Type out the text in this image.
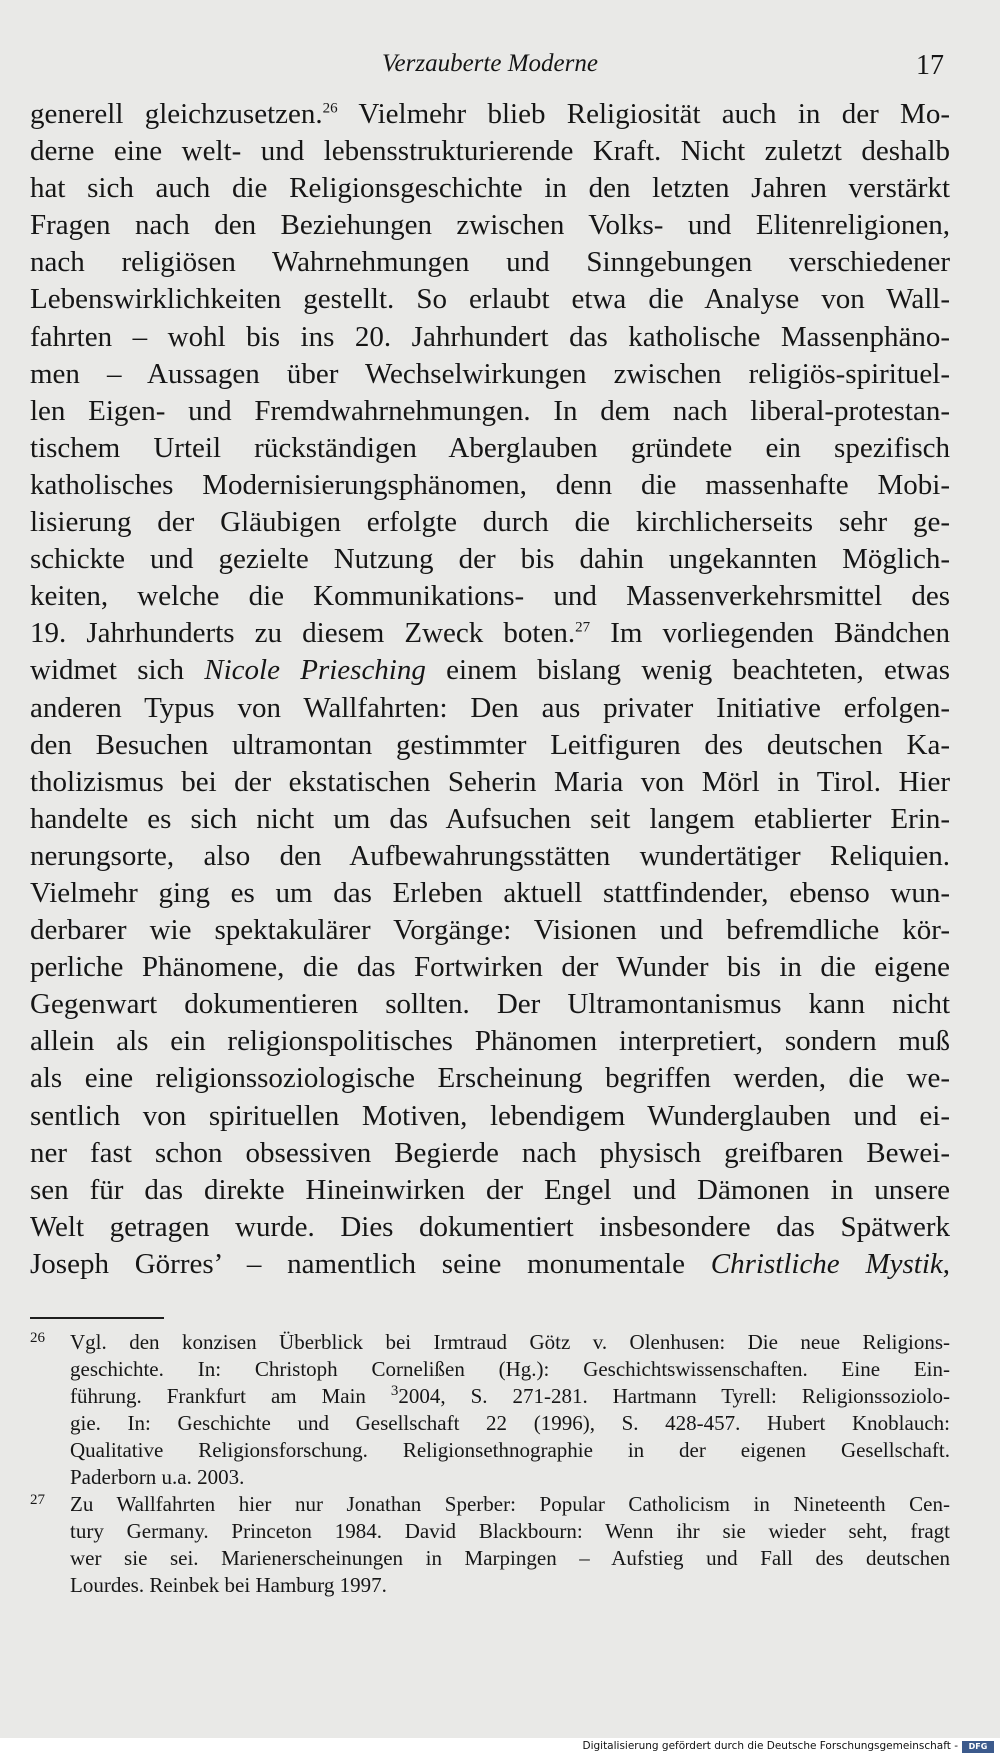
Verzauberte Moderne	17
generell gleichzusetzen.$^{26}$ Vielmehr blieb Religiosität auch in der Mo-
derne eine welt- und lebensstrukturierende Kraft. Nicht zuletzt deshalb
hat sich auch die Religionsgeschichte in den letzten Jahren verstärkt
Fragen nach den Beziehungen zwischen Volks- und Elitenreligionen,
nach religiösen Wahrnehmungen und Sinngebungen verschiedener
Lebenswirklichkeiten gestellt. So erlaubt etwa die Analyse von Wall-
fahrten – wohl bis ins 20. Jahrhundert das katholische Massenphäno-
men – Aussagen über Wechselwirkungen zwischen religiös-spirituel-
len Eigen- und Fremdwahrnehmungen. In dem nach liberal-protestan-
tischem Urteil rückständigen Aberglauben gründete ein spezifisch
katholisches Modernisierungsphänomen, denn die massenhafte Mobi-
lisierung der Gläubigen erfolgte durch die kirchlicherseits sehr ge-
schickte und gezielte Nutzung der bis dahin ungekannten Möglich-
keiten, welche die Kommunikations- und Massenverkehrsmittel des
19. Jahrhunderts zu diesem Zweck boten.$^{27}$ Im vorliegenden Bändchen
widmet sich Nicole Priesching einem bislang wenig beachteten, etwas
anderen Typus von Wallfahrten: Den aus privater Initiative erfolgen-
den Besuchen ultramontan gestimmter Leitfiguren des deutschen Ka-
tholizismus bei der ekstatischen Seherin Maria von Mörl in Tirol. Hier
handelte es sich nicht um das Aufsuchen seit langem etablierter Erin-
nerungsorte, also den Aufbewahrungsstätten wundertätiger Reliquien.
Vielmehr ging es um das Erleben aktuell stattfindender, ebenso wun-
derbarer wie spektakulärer Vorgänge: Visionen und befremdliche kör-
perliche Phänomene, die das Fortwirken der Wunder bis in die eigene
Gegenwart dokumentieren sollten. Der Ultramontanismus kann nicht
allein als ein religionspolitisches Phänomen interpretiert, sondern muß
als eine religionssoziologische Erscheinung begriffen werden, die we-
sentlich von spirituellen Motiven, lebendigem Wunderglauben und ei-
ner fast schon obsessiven Begierde nach physisch greifbaren Bewei-
sen für das direkte Hineinwirken der Engel und Dämonen in unsere
Welt getragen wurde. Dies dokumentiert insbesondere das Spätwerk
Joseph Görres’ – namentlich seine monumentale Christliche Mystik,
26 Vgl. den konzisen Überblick bei Irmtraud Götz v. Olenhusen: Die neue Religions-
geschichte. In: Christoph Cornelißen (Hg.): Geschichtswissenschaften. Eine Ein-
führung. Frankfurt am Main $^3$2004, S. 271-281. Hartmann Tyrell: Religionssoziolo-
gie. In: Geschichte und Gesellschaft 22 (1996), S. 428-457. Hubert Knoblauch:
Qualitative Religionsforschung. Religionsethnographie in der eigenen Gesellschaft.
Paderborn u.a. 2003.
27 Zu Wallfahrten hier nur Jonathan Sperber: Popular Catholicism in Nineteenth Cen-
tury Germany. Princeton 1984. David Blackbourn: Wenn ihr sie wieder seht, fragt
wer sie sei. Marienerscheinungen in Marpingen – Aufstieg und Fall des deutschen
Lourdes. Reinbek bei Hamburg 1997.
Digitalisierung gefördert durch die Deutsche Forschungsgemeinschaft -	DFG
